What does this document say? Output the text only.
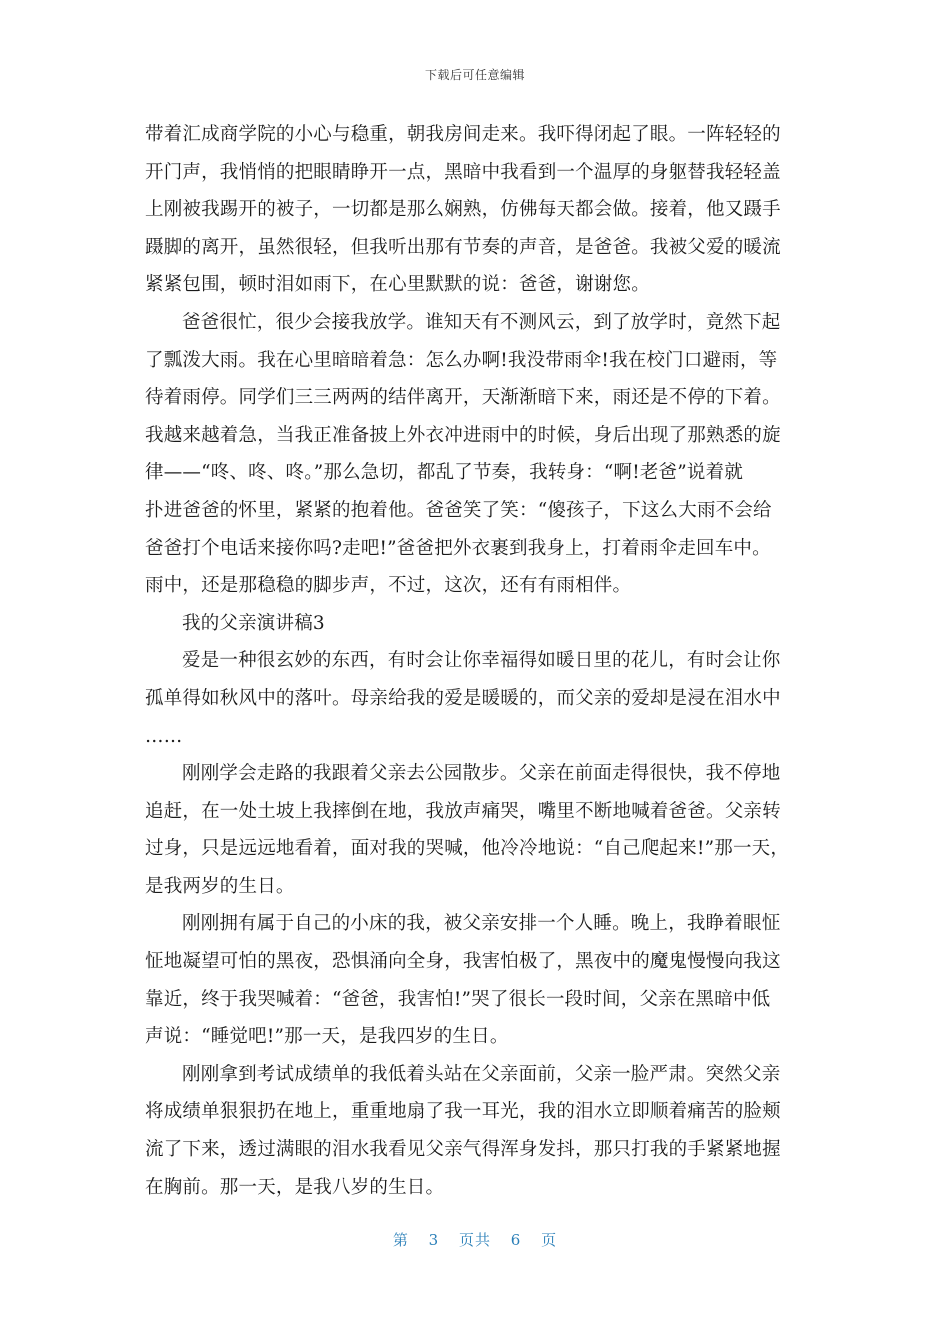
下载后可任意编辑
带着汇成商学院的小心与稳重，朝我房间走来。我吓得闭起了眼。一阵轻轻的
开门声，我悄悄的把眼睛睁开一点，黑暗中我看到一个温厚的身躯替我轻轻盖
上刚被我踢开的被子，一切都是那么娴熟，仿佛每天都会做。接着，他又蹑手
蹑脚的离开，虽然很轻，但我听出那有节奏的声音，是爸爸。我被父爱的暖流
紧紧包围，顿时泪如雨下，在心里默默的说：爸爸，谢谢您。
爸爸很忙，很少会接我放学。谁知天有不测风云，到了放学时，竟然下起
了瓢泼大雨。我在心里暗暗着急：怎么办啊!我没带雨伞!我在校门口避雨，等
待着雨停。同学们三三两两的结伴离开，天渐渐暗下来，雨还是不停的下着。
我越来越着急，当我正准备披上外衣冲进雨中的时候，身后出现了那熟悉的旋
律——“咚、咚、咚。”那么急切，都乱了节奏，我转身：“啊!老爸”说着就
扑进爸爸的怀里，紧紧的抱着他。爸爸笑了笑：“傻孩子，下这么大雨不会给
爸爸打个电话来接你吗?走吧!”爸爸把外衣裹到我身上，打着雨伞走回车中。
雨中，还是那稳稳的脚步声，不过，这次，还有有雨相伴。
我的父亲演讲稿3
爱是一种很玄妙的东西，有时会让你幸福得如暖日里的花儿，有时会让你
孤单得如秋风中的落叶。母亲给我的爱是暖暖的，而父亲的爱却是浸在泪水中
……
刚刚学会走路的我跟着父亲去公园散步。父亲在前面走得很快，我不停地
追赶，在一处土坡上我摔倒在地，我放声痛哭，嘴里不断地喊着爸爸。父亲转
过身，只是远远地看着，面对我的哭喊，他冷冷地说：“自己爬起来!”那一天，
是我两岁的生日。
刚刚拥有属于自己的小床的我，被父亲安排一个人睡。晚上，我睁着眼怔
怔地凝望可怕的黑夜，恐惧涌向全身，我害怕极了，黑夜中的魔鬼慢慢向我这
靠近，终于我哭喊着：“爸爸，我害怕!”哭了很长一段时间，父亲在黑暗中低
声说：“睡觉吧!”那一天，是我四岁的生日。
刚刚拿到考试成绩单的我低着头站在父亲面前，父亲一脸严肃。突然父亲
将成绩单狠狠扔在地上，重重地扇了我一耳光，我的泪水立即顺着痛苦的脸颊
流了下来，透过满眼的泪水我看见父亲气得浑身发抖，那只打我的手紧紧地握
在胸前。那一天，是我八岁的生日。
第 3 页共 6 页
